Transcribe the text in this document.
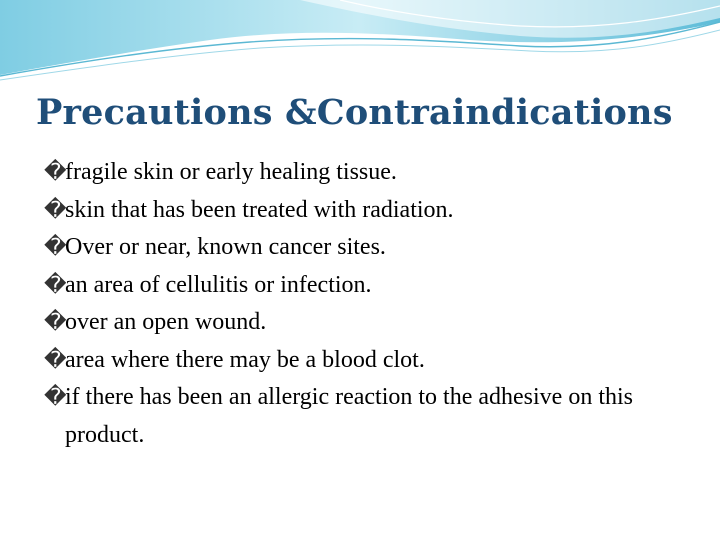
Precautions &Contraindications
�
fragile skin or early healing tissue.
�
skin that has been treated with radiation.
�
Over or near, known cancer sites.
�
an area of cellulitis or infection.
�
over an open wound.
�
area where there may be a blood clot.
�
if there has been an allergic reaction to the adhesive on this product.
